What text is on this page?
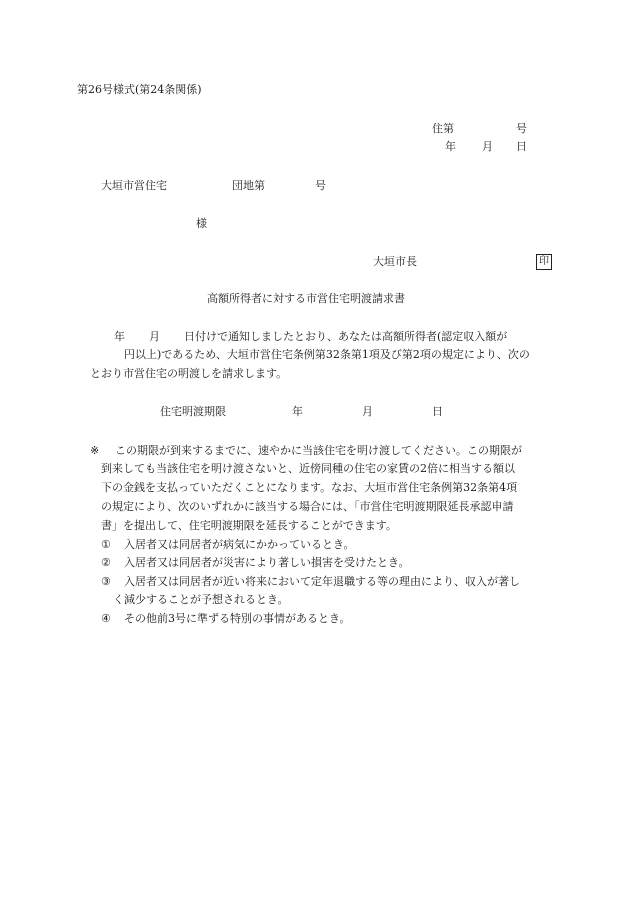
第26号様式(第24条関係)
住第	号
年 月 日
大垣市営住宅	団地第	号
様
大垣市長	印
高額所得者に対する市営住宅明渡請求書
年 月 日付けで通知しましたとおり、あなたは高額所得者(認定収入額が
円以上)であるため、大垣市営住宅条例第32条第1項及び第2項の規定により、次の
とおり市営住宅の明渡しを請求します。
住宅明渡期限	年	月	日
※ この期限が到来するまでに、速やかに当該住宅を明け渡してください。この期限が
到来しても当該住宅を明け渡さないと、近傍同種の住宅の家賃の2倍に相当する額以
下の金銭を支払っていただくことになります。なお、大垣市営住宅条例第32条第4項
の規定により、次のいずれかに該当する場合には、「市営住宅明渡期限延長承認申請
書」を提出して、住宅明渡期限を延長することができます。
① 入居者又は同居者が病気にかかっているとき。
② 入居者又は同居者が災害により著しい損害を受けたとき。
③ 入居者又は同居者が近い将来において定年退職する等の理由により、収入が著し
く減少することが予想されるとき。
④ その他前3号に準ずる特別の事情があるとき。
